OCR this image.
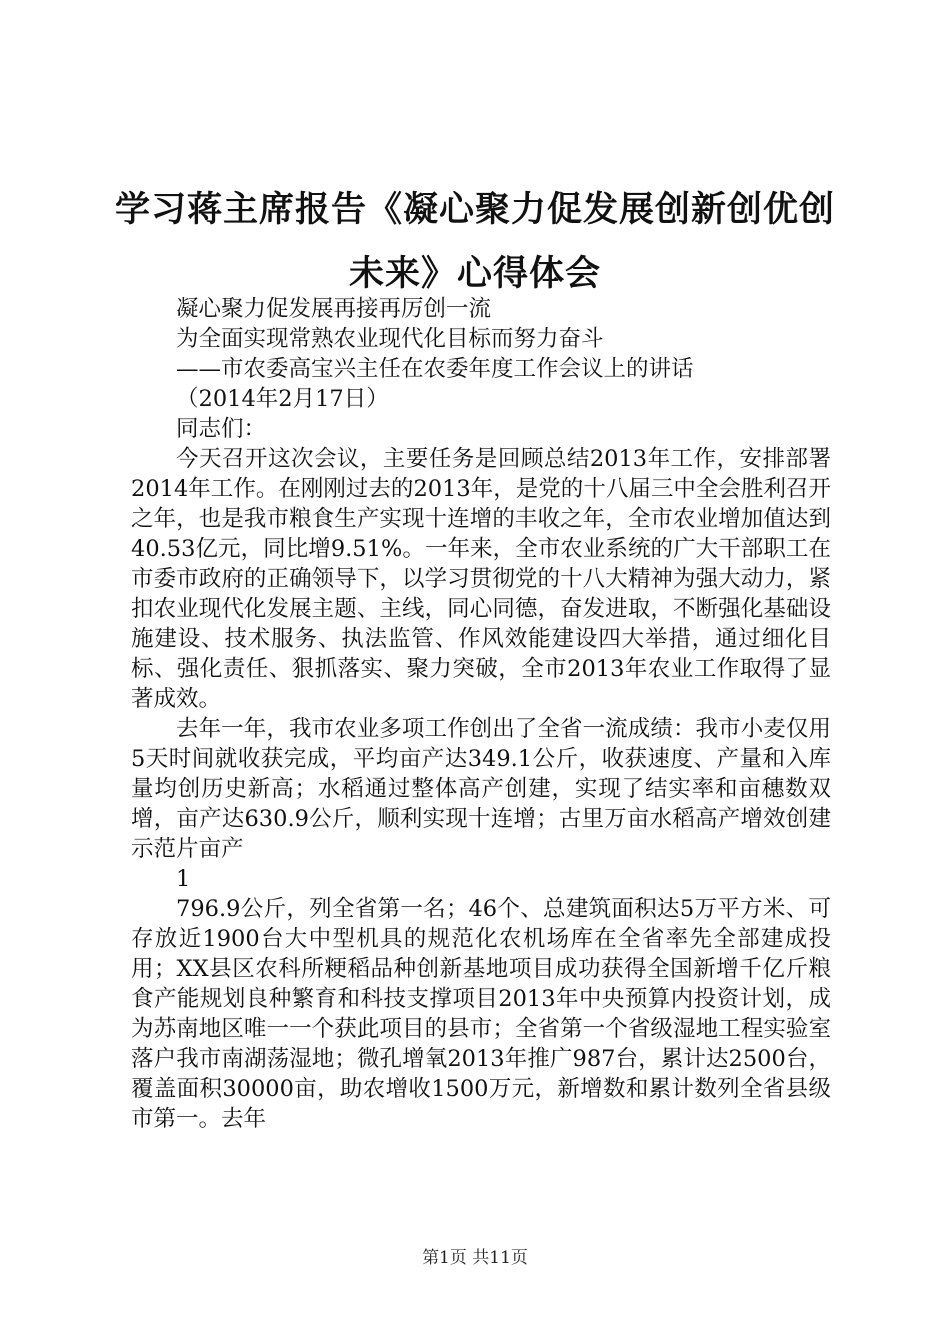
学习蒋主席报告《凝心聚力促发展创新创优创未来》心得体会
凝心聚力促发展再接再厉创一流
为全面实现常熟农业现代化目标而努力奋斗
——市农委高宝兴主任在农委年度工作会议上的讲话
（2014年2月17日）
同志们：

今天召开这次会议，主要任务是回顾总结2013年工作，安排部署2014年工作。在刚刚过去的2013年，是党的十八届三中全会胜利召开之年，也是我市粮食生产实现十连增的丰收之年，全市农业增加值达到40.53亿元，同比增9.51%。一年来，全市农业系统的广大干部职工在市委市政府的正确领导下，以学习贯彻党的十八大精神为强大动力，紧扣农业现代化发展主题、主线，同心同德，奋发进取，不断强化基础设施建设、技术服务、执法监管、作风效能建设四大举措，通过细化目标、强化责任、狠抓落实、聚力突破，全市2013年农业工作取得了显著成效。

去年一年，我市农业多项工作创出了全省一流成绩：我市小麦仅用5天时间就收获完成，平均亩产达349.1公斤，收获速度、产量和入库量均创历史新高；水稻通过整体高产创建，实现了结实率和亩穗数双增，亩产达630.9公斤，顺利实现十连增；古里万亩水稻高产增效创建示范片亩产

1

796.9公斤，列全省第一名；46个、总建筑面积达5万平方米、可存放近1900台大中型机具的规范化农机场库在全省率先全部建成投用；XX县区农科所粳稻品种创新基地项目成功获得全国新增千亿斤粮食产能规划良种繁育和科技支撑项目2013年中央预算内投资计划，成为苏南地区唯一一个获此项目的县市；全省第一个省级湿地工程实验室落户我市南湖荡湿地；微孔增氧2013年推广987台，累计达2500台，覆盖面积30000亩，助农增收1500万元，新增数和累计数列全省县级市第一。去年

第1页 共11页
